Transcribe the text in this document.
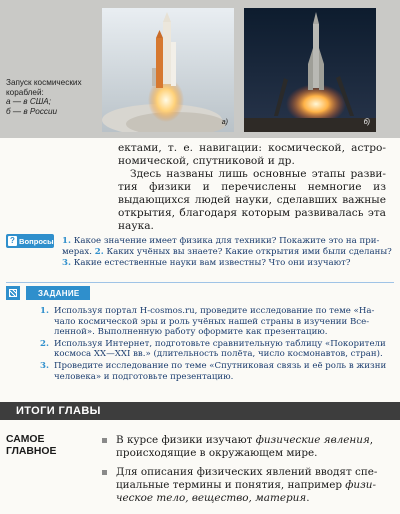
Запуск космических
кораблей:
а — в США;
б — в России
а)	б)

ектами, т. е. навигации: космической, астрономической, спутниковой и др.

Здесь названы лишь основные этапы развития физики и перечислены немногие из выдающихся людей науки, сделавших важные открытия, благодаря которым развивалась эта наука.

? Вопросы 1. Какое значение имеет физика для техники? Покажите это на примерах. 2. Каких учёных вы знаете? Какие открытия ими были сделаны? 3. Какие естественные науки вам известны? Что они изучают?
ЗАДАНИЕ
1. Используя портал H-cosmos.ru, проведите исследование по теме «Начало космической эры и роль учёных нашей страны в изучении Вселенной». Выполненную работу оформите как презентацию.
2. Используя Интернет, подготовьте сравнительную таблицу «Покорители космоса XX—XXI вв.» (длительность полёта, число космонавтов, стран).
3. Проведите исследование по теме «Спутниковая связь и её роль в жизни человека» и подготовьте презентацию.
ИТОГИ ГЛАВЫ
САМОЕ
ГЛАВНОЕ
В курсе физики изучают физические явления, происходящие в окружающем мире.
Для описания физических явлений вводят специальные термины и понятия, например физическое тело, вещество, материя.
